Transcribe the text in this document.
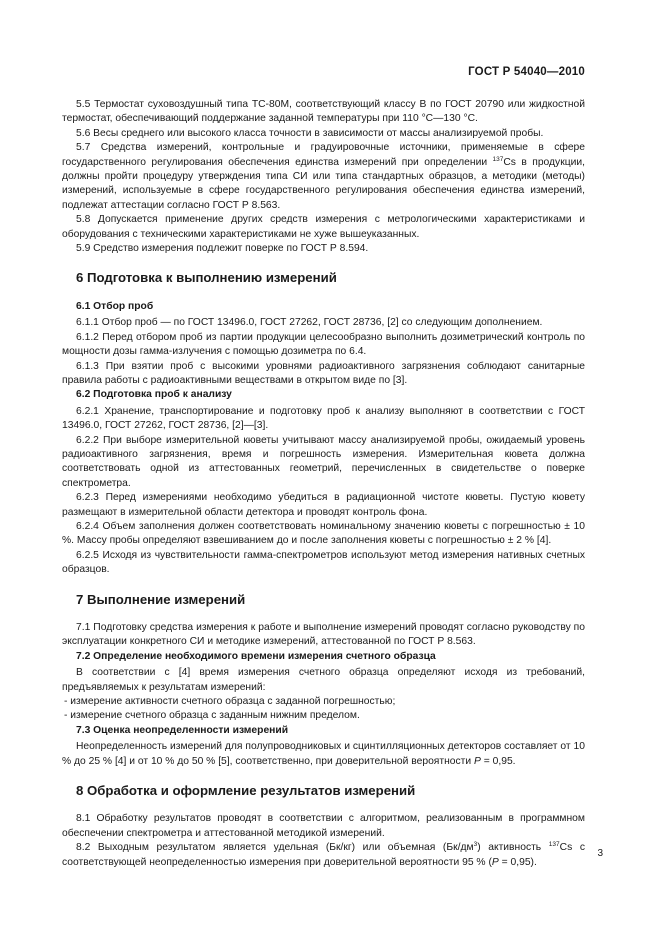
ГОСТ Р 54040—2010

5.5 Термостат суховоздушный типа ТС-80М, соответствующий классу В по ГОСТ 20790 или жидкостной термостат, обеспечивающий поддержание заданной температуры при 110 °С—130 °С.

5.6 Весы среднего или высокого класса точности в зависимости от массы анализируемой пробы.

5.7 Средства измерений, контрольные и градуировочные источники, применяемые в сфере государственного регулирования обеспечения единства измерений при определении $^{137}$Cs в продукции, должны пройти процедуру утверждения типа СИ или типа стандартных образцов, а методики (методы) измерений, используемые в сфере государственного регулирования обеспечения единства измерений, подлежат аттестации согласно ГОСТ Р 8.563.

5.8 Допускается применение других средств измерения с метрологическими характеристиками и оборудования с техническими характеристиками не хуже вышеуказанных.

5.9 Средство измерения подлежит поверке по ГОСТ Р 8.594.

6 Подготовка к выполнению измерений
6.1 Отбор проб

6.1.1 Отбор проб — по ГОСТ 13496.0, ГОСТ 27262, ГОСТ 28736, [2] со следующим дополнением.

6.1.2 Перед отбором проб из партии продукции целесообразно выполнить дозиметрический контроль по мощности дозы гамма-излучения с помощью дозиметра по 6.4.

6.1.3 При взятии проб с высокими уровнями радиоактивного загрязнения соблюдают санитарные правила работы с радиоактивными веществами в открытом виде по [3].

6.2 Подготовка проб к анализу

6.2.1 Хранение, транспортирование и подготовку проб к анализу выполняют в соответствии с ГОСТ 13496.0, ГОСТ 27262, ГОСТ 28736, [2]—[3].

6.2.2 При выборе измерительной кюветы учитывают массу анализируемой пробы, ожидаемый уровень радиоактивного загрязнения, время и погрешность измерения. Измерительная кювета должна соответствовать одной из аттестованных геометрий, перечисленных в свидетельстве о поверке спектрометра.

6.2.3 Перед измерениями необходимо убедиться в радиационной чистоте кюветы. Пустую кювету размещают в измерительной области детектора и проводят контроль фона.

6.2.4 Объем заполнения должен соответствовать номинальному значению кюветы с погрешностью ± 10 %. Массу пробы определяют взвешиванием до и после заполнения кюветы с погрешностью ± 2 % [4].

6.2.5 Исходя из чувствительности гамма-спектрометров используют метод измерения нативных счетных образцов.

7 Выполнение измерений

7.1 Подготовку средства измерения к работе и выполнение измерений проводят согласно руководству по эксплуатации конкретного СИ и методике измерений, аттестованной по ГОСТ Р 8.563.

7.2 Определение необходимого времени измерения счетного образца

В соответствии с [4] время измерения счетного образца определяют исходя из требований, предъявляемых к результатам измерений:

- измерение активности счетного образца с заданной погрешностью;
- измерение счетного образца с заданным нижним пределом.
7.3 Оценка неопределенности измерений

Неопределенность измерений для полупроводниковых и сцинтилляционных детекторов составляет от 10 % до 25 % [4] и от 10 % до 50 % [5], соответственно, при доверительной вероятности P = 0,95.

8 Обработка и оформление результатов измерений

8.1 Обработку результатов проводят в соответствии с алгоритмом, реализованным в программном обеспечении спектрометра и аттестованной методикой измерений.

8.2 Выходным результатом является удельная (Бк/кг) или объемная $(Бк/дм^3)$ активность $^{137}$Cs с соответствующей неопределенностью измерения при доверительной вероятности 95 % (P = 0,95).

3
